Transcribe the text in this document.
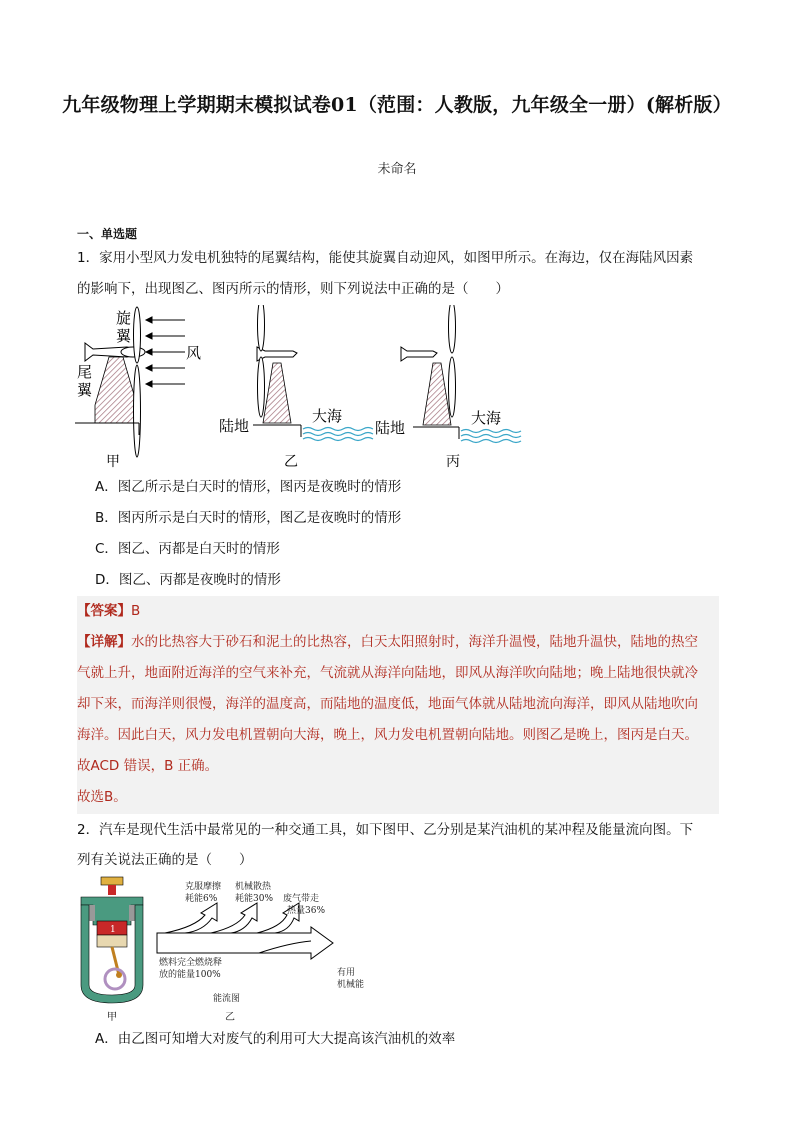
九年级物理上学期期末模拟试卷01（范围：人教版，九年级全一册）(解析版）
未命名
一、单选题
1．家用小型风力发电机独特的尾翼结构，能使其旋翼自动迎风，如图甲所示。在海边，仅在海陆风因素
的影响下，出现图乙、图丙所示的情形，则下列说法中正确的是（　　）
旋
翼
尾
翼
风
甲
陆地
大海
乙
陆地
大海
丙
A．图乙所示是白天时的情形，图丙是夜晚时的情形
B．图丙所示是白天时的情形，图乙是夜晚时的情形
C．图乙、丙都是白天时的情形
D．图乙、丙都是夜晚时的情形
【答案】B
【详解】水的比热容大于砂石和泥土的比热容，白天太阳照射时，海洋升温慢，陆地升温快，陆地的热空
气就上升，地面附近海洋的空气来补充，气流就从海洋向陆地，即风从海洋吹向陆地；晚上陆地很快就冷
却下来，而海洋则很慢，海洋的温度高，而陆地的温度低，地面气体就从陆地流向海洋，即风从陆地吹向
海洋。因此白天，风力发电机置朝向大海，晚上，风力发电机置朝向陆地。则图乙是晚上，图丙是白天。
故ACD 错误，B 正确。
故选B。
2．汽车是现代生活中最常见的一种交通工具，如下图甲、乙分别是某汽油机的某冲程及能量流向图。下
列有关说法正确的是（　　）
1
甲
克服摩擦
耗能6%
机械散热
耗能30% 废气带走
热量36%
燃料完全燃烧释
放的能量100%	有用
机械能
能流图
乙
A．由乙图可知增大对废气的利用可大大提高该汽油机的效率
